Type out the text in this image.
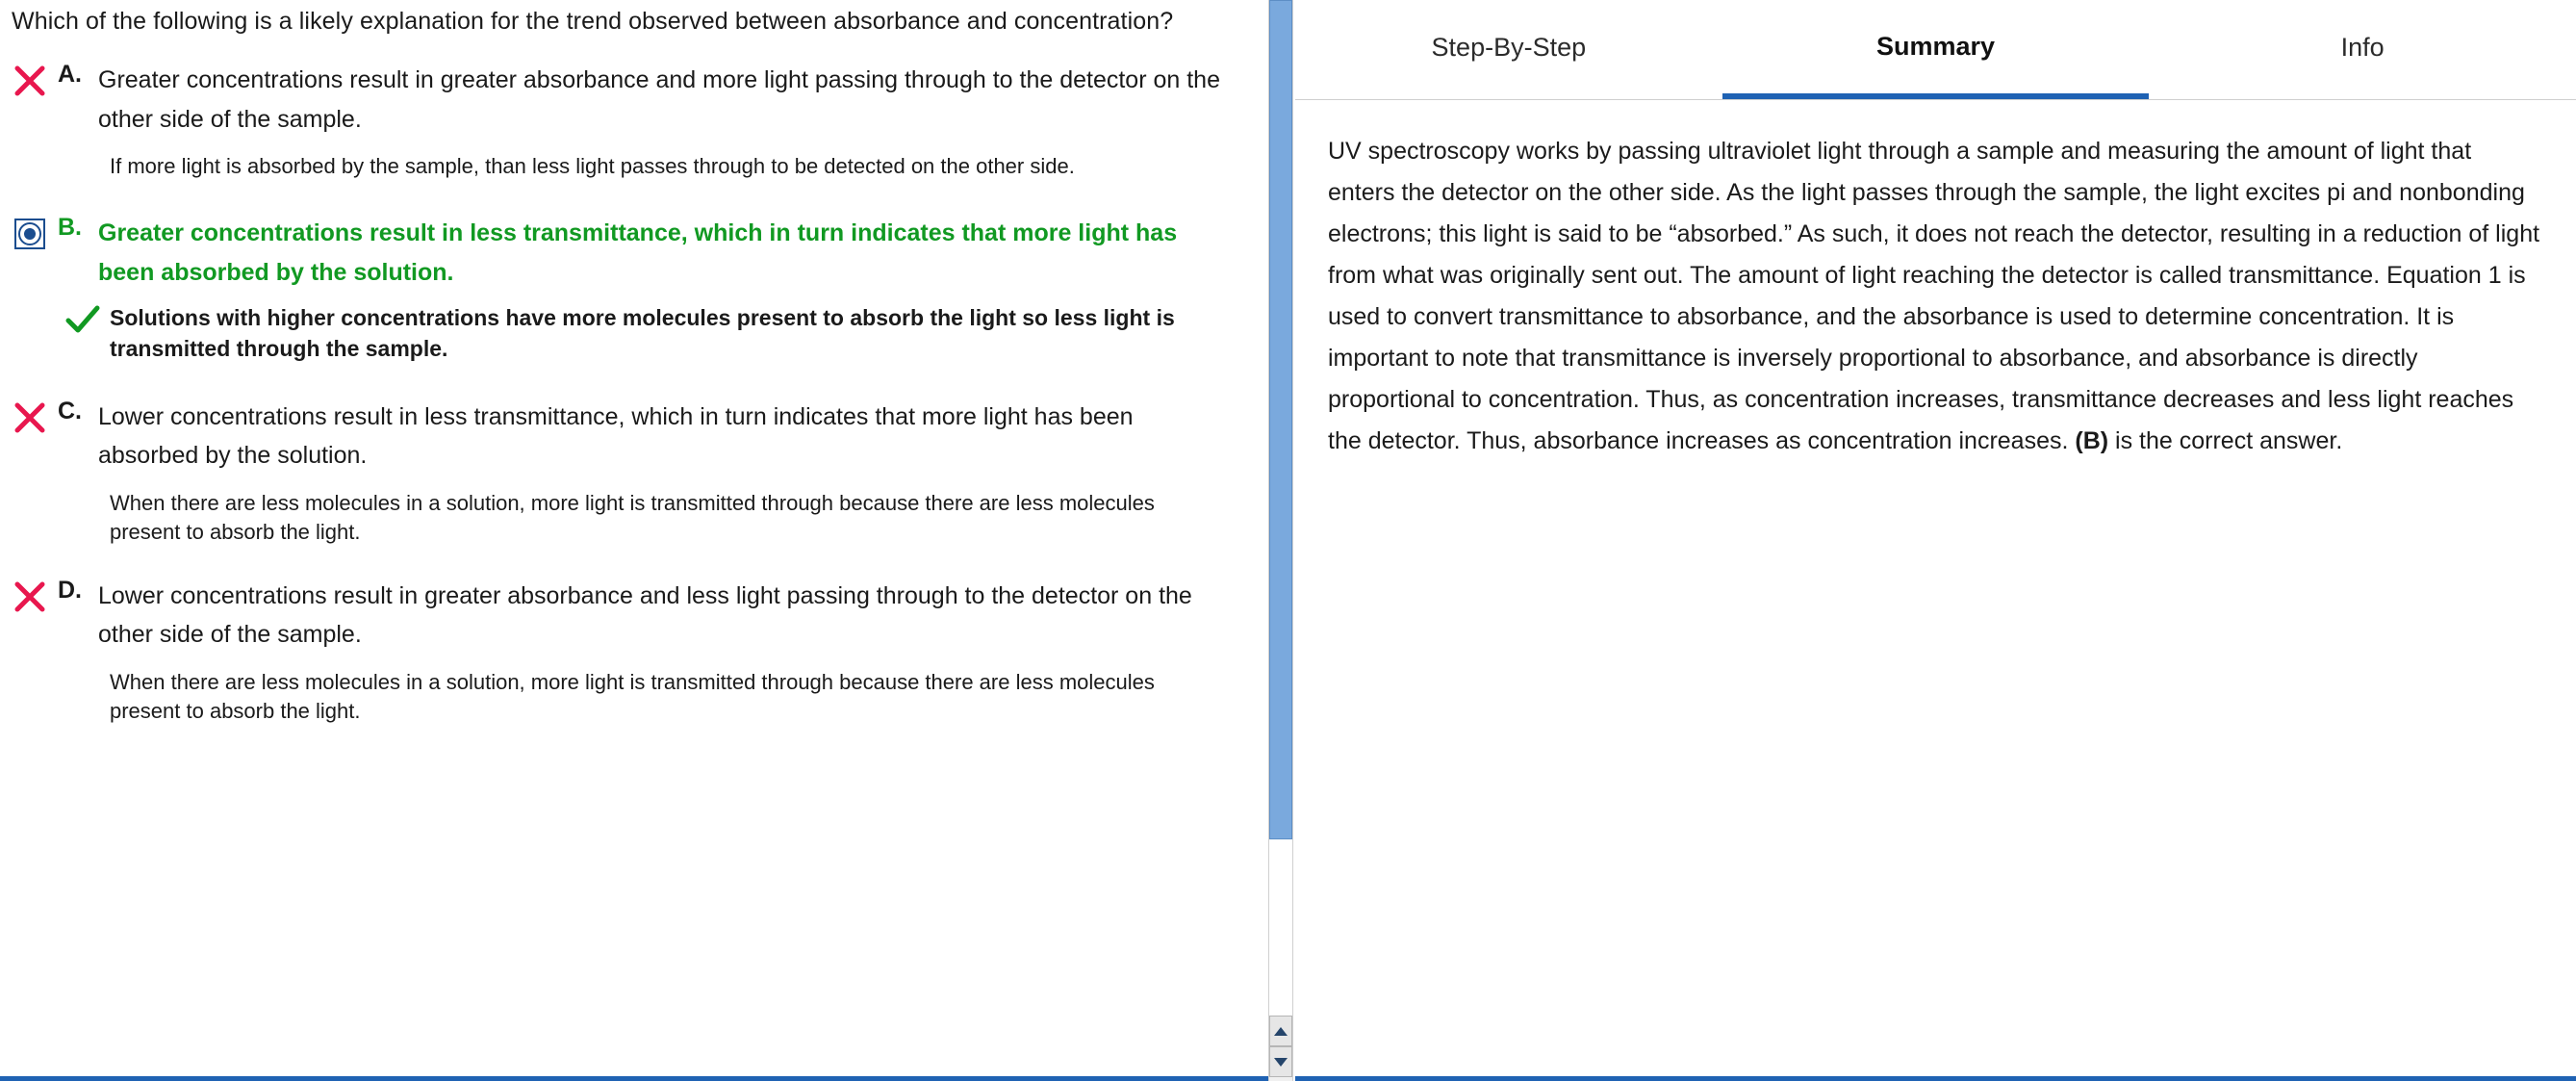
Which of the following is a likely explanation for the trend observed between absorbance and concentration?
A. Greater concentrations result in greater absorbance and more light passing through to the detector on the other side of the sample.
If more light is absorbed by the sample, than less light passes through to be detected on the other side.
B. Greater concentrations result in less transmittance, which in turn indicates that more light has been absorbed by the solution.
Solutions with higher concentrations have more molecules present to absorb the light so less light is transmitted through the sample.
C. Lower concentrations result in less transmittance, which in turn indicates that more light has been absorbed by the solution.
When there are less molecules in a solution, more light is transmitted through because there are less molecules present to absorb the light.
D. Lower concentrations result in greater absorbance and less light passing through to the detector on the other side of the sample.
When there are less molecules in a solution, more light is transmitted through because there are less molecules present to absorb the light.
Step-By-Step	Summary	Info
UV spectroscopy works by passing ultraviolet light through a sample and measuring the amount of light that enters the detector on the other side. As the light passes through the sample, the light excites pi and nonbonding electrons; this light is said to be “absorbed.” As such, it does not reach the detector, resulting in a reduction of light from what was originally sent out. The amount of light reaching the detector is called transmittance. Equation 1 is used to convert transmittance to absorbance, and the absorbance is used to determine concentration. It is important to note that transmittance is inversely proportional to absorbance, and absorbance is directly proportional to concentration. Thus, as concentration increases, transmittance decreases and less light reaches the detector. Thus, absorbance increases as concentration increases. (B) is the correct answer.
